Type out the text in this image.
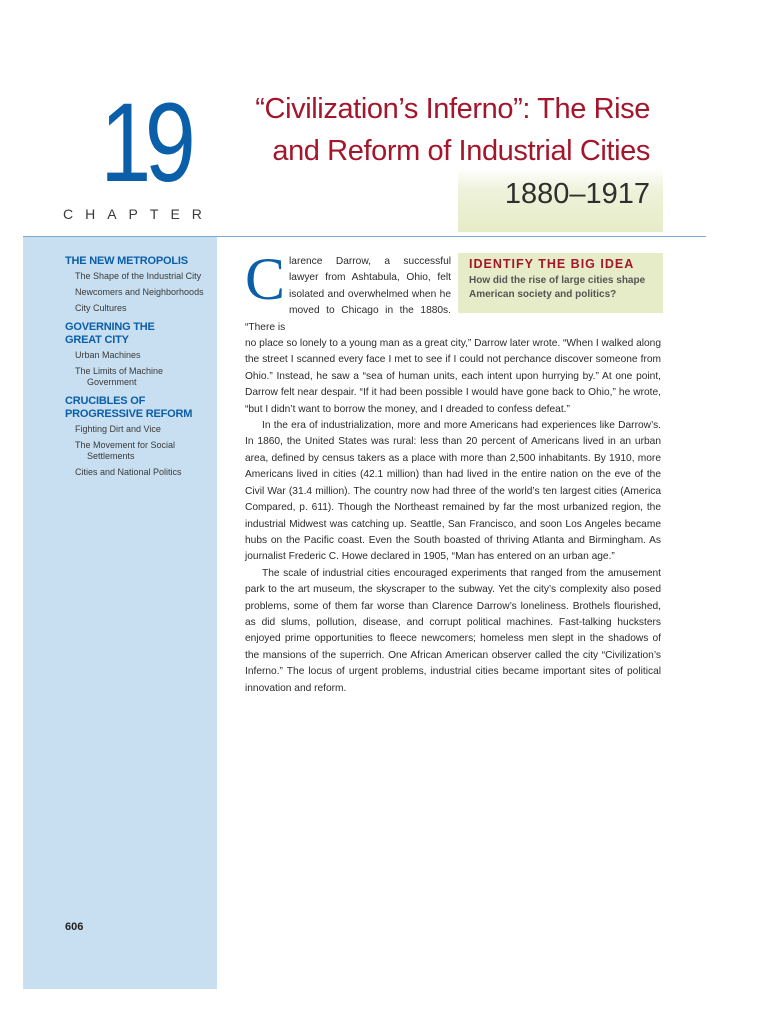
19
CHAPTER
“Civilization’s Inferno”: The Rise
and Reform of Industrial Cities
1880–1917
THE NEW METROPOLIS
The Shape of the Industrial City
Newcomers and Neighborhoods
City Cultures
GOVERNING THE GREAT CITY
Urban Machines
The Limits of Machine Government
CRUCIBLES OF PROGRESSIVE REFORM
Fighting Dirt and Vice
The Movement for Social Settlements
Cities and National Politics
606
IDENTIFY THE BIG IDEA
How did the rise of large cities shape American society and politics?

C larence Darrow, a successful lawyer from Ashtabula, Ohio, felt isolated and overwhelmed when he moved to Chicago in the 1880s. “There is
no place so lonely to a young man as a great city,” Darrow later wrote. “When I walked along the street I scanned every face I met to see if I could not perchance discover someone from Ohio.” Instead, he saw a “sea of human units, each intent upon hurrying by.” At one point, Darrow felt near despair. “If it had been possible I would have gone back to Ohio,” he wrote, “but I didn’t want to borrow the money, and I dreaded to confess defeat.”

In the era of industrialization, more and more Americans had experiences like Darrow’s. In 1860, the United States was rural: less than 20 percent of Americans lived in an urban area, defined by census takers as a place with more than 2,500 inhabitants. By 1910, more Americans lived in cities (42.1 million) than had lived in the entire nation on the eve of the Civil War (31.4 million). The country now had three of the world’s ten largest cities (America Compared, p. 611). Though the Northeast remained by far the most urbanized region, the industrial Midwest was catching up. Seattle, San Francisco, and soon Los Angeles became hubs on the Pacific coast. Even the South boasted of thriving Atlanta and Birmingham. As journalist Frederic C. Howe declared in 1905, “Man has entered on an urban age.”

The scale of industrial cities encouraged experiments that ranged from the amusement park to the art museum, the skyscraper to the subway. Yet the city’s complexity also posed problems, some of them far worse than Clarence Darrow’s loneliness. Brothels flourished, as did slums, pollution, disease, and corrupt political machines. Fast-talking hucksters enjoyed prime opportunities to fleece newcomers; homeless men slept in the shadows of the mansions of the superrich. One African American observer called the city “Civilization’s Inferno.” The locus of urgent problems, industrial cities became important sites of political innovation and reform.
